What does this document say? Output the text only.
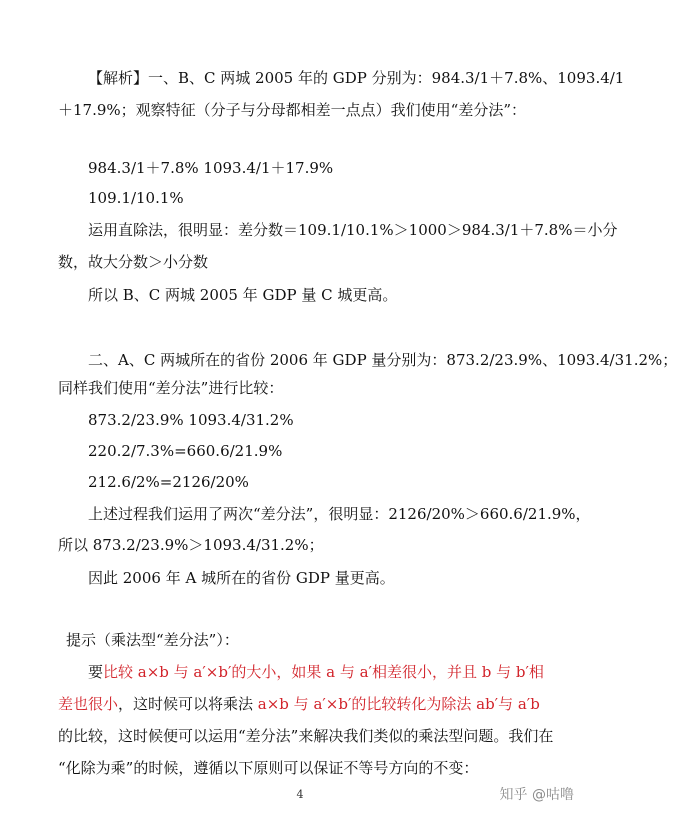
【解析】一、B、C 两城 2005 年的 GDP 分别为：984.3/1＋7.8%、1093.4/1
＋17.9%；观察特征（分子与分母都相差一点点）我们使用“差分法”：
984.3/1＋7.8% 1093.4/1＋17.9%
109.1/10.1%
运用直除法，很明显：差分数＝109.1/10.1%＞1000＞984.3/1＋7.8%＝小分
数，故大分数＞小分数
所以 B、C 两城 2005 年 GDP 量 C 城更高。
二、A、C 两城所在的省份 2006 年 GDP 量分别为：873.2/23.9%、1093.4/31.2%；
同样我们使用“差分法”进行比较：
873.2/23.9% 1093.4/31.2%
220.2/7.3%=660.6/21.9%
212.6/2%=2126/20%
上述过程我们运用了两次“差分法”，很明显：2126/20%＞660.6/21.9%，
所以 873.2/23.9%＞1093.4/31.2%；
因此 2006 年 A 城所在的省份 GDP 量更高。
提示（乘法型“差分法”）：
要比较 a×b 与 a′×b′的大小，如果 a 与 a′相差很小，并且 b 与 b′相
差也很小，这时候可以将乘法 a×b 与 a′×b′的比较转化为除法 ab′与 a′b
的比较，这时候便可以运用“差分法”来解决我们类似的乘法型问题。我们在
“化除为乘”的时候，遵循以下原则可以保证不等号方向的不变：
4	知乎 @咕噜
